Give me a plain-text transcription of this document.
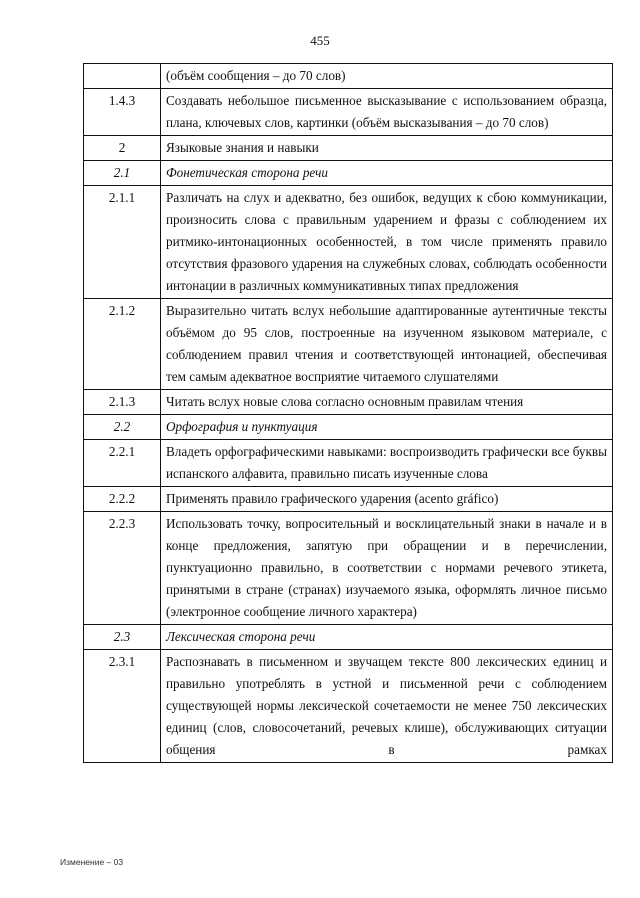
455
	(объём сообщения – до 70 слов)
1.4.3	Создавать небольшое письменное высказывание с использованием образца, плана, ключевых слов, картинки (объём высказывания – до 70 слов)
2	Языковые знания и навыки
2.1	Фонетическая сторона речи
2.1.1	Различать на слух и адекватно, без ошибок, ведущих к сбою коммуникации, произносить слова с правильным ударением и фразы с соблюдением их ритмико-интонационных особенностей, в том числе применять правило отсутствия фразового ударения на служебных словах, соблюдать особенности интонации в различных коммуникативных типах предложения
2.1.2	Выразительно читать вслух небольшие адаптированные аутентичные тексты объёмом до 95 слов, построенные на изученном языковом материале, с соблюдением правил чтения и соответствующей интонацией, обеспечивая тем самым адекватное восприятие читаемого слушателями
2.1.3	Читать вслух новые слова согласно основным правилам чтения
2.2	Орфография и пунктуация
2.2.1	Владеть орфографическими навыками: воспроизводить графически все буквы испанского алфавита, правильно писать изученные слова
2.2.2	Применять правило графического ударения (acento gráfico)
2.2.3	Использовать точку, вопросительный и восклицательный знаки в начале и в конце предложения, запятую при обращении и в перечислении, пунктуационно правильно, в соответствии с нормами речевого этикета, принятыми в стране (странах) изучаемого языка, оформлять личное письмо (электронное сообщение личного характера)
2.3	Лексическая сторона речи
2.3.1	Распознавать в письменном и звучащем тексте 800 лексических единиц и правильно употреблять в устной и письменной речи с соблюдением существующей нормы лексической сочетаемости не менее 750 лексических единиц (слов, словосочетаний, речевых клише), обслуживающих ситуации общения в рамках
Изменение – 03
